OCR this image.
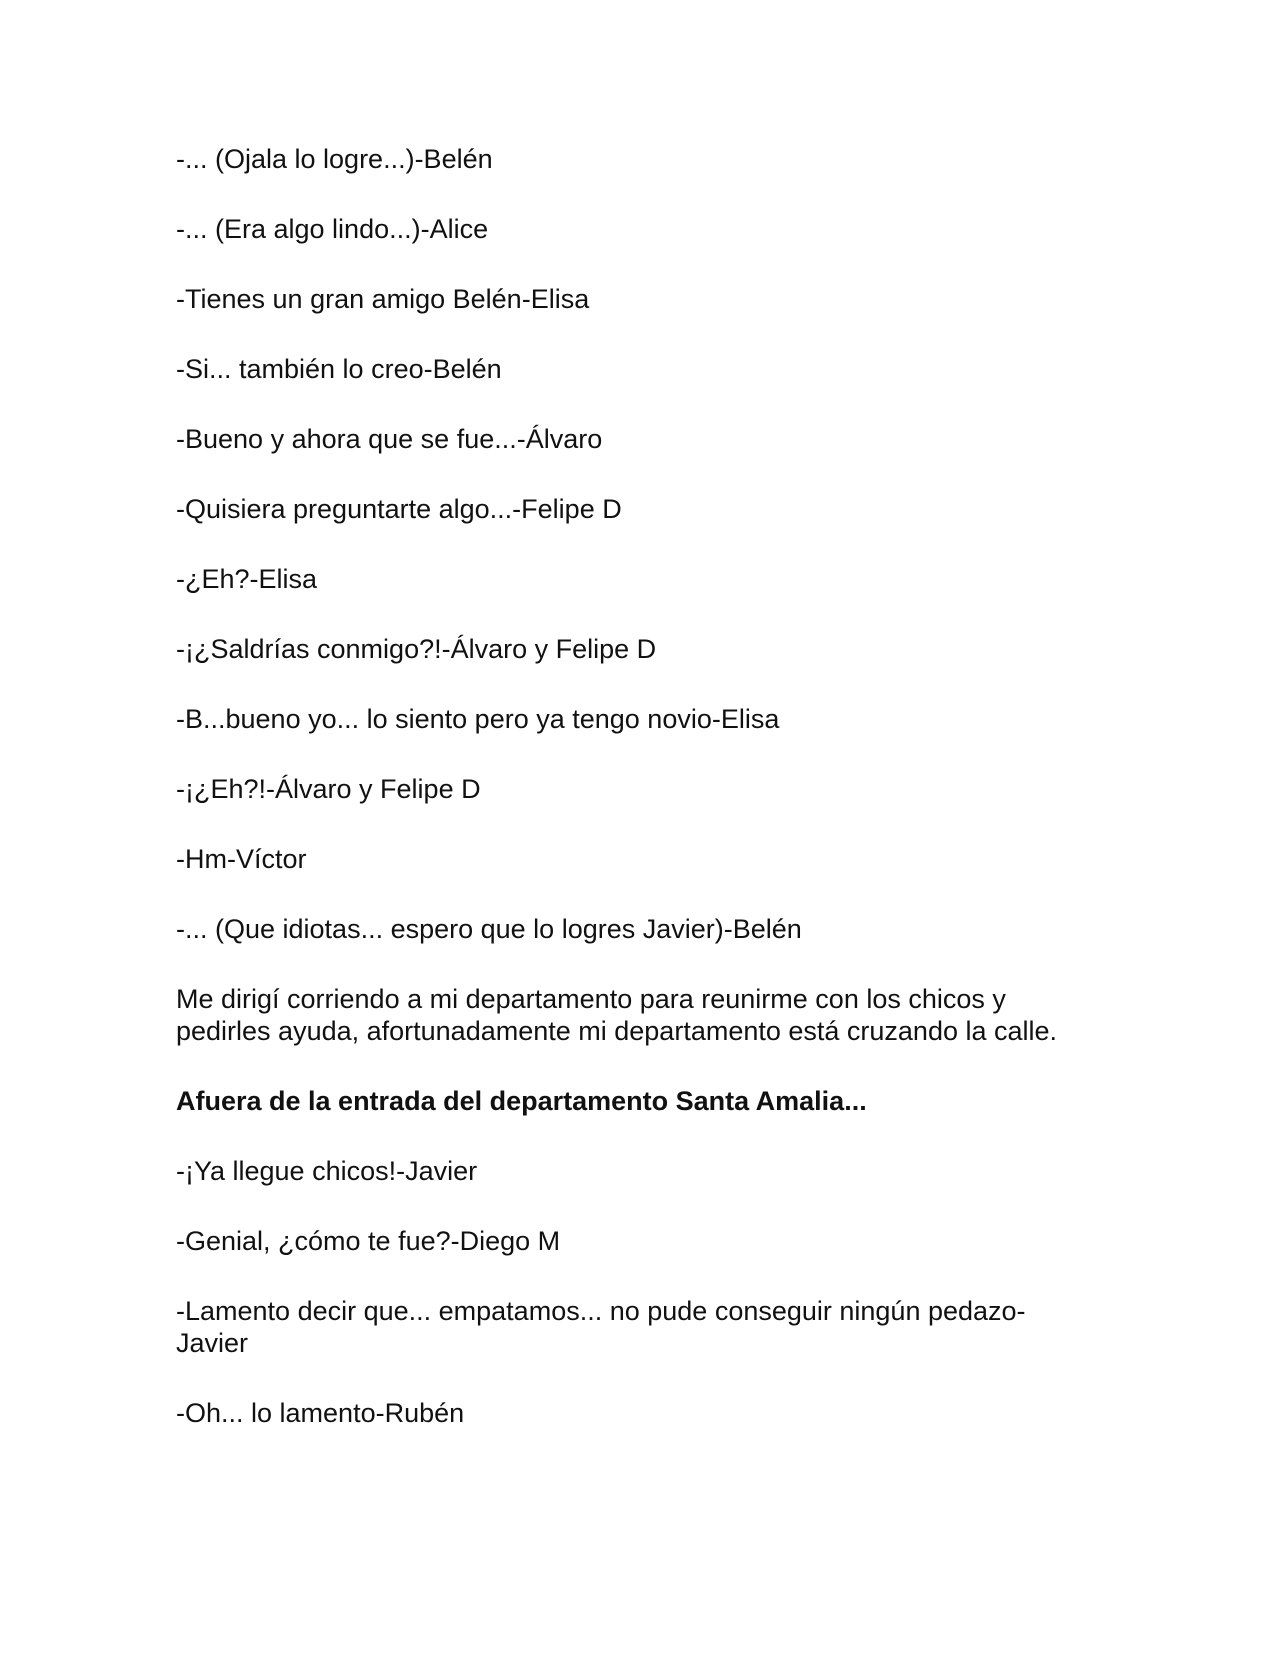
-... (Ojala lo logre...)-Belén

-... (Era algo lindo...)-Alice

-Tienes un gran amigo Belén-Elisa

-Si... también lo creo-Belén

-Bueno y ahora que se fue...-Álvaro

-Quisiera preguntarte algo...-Felipe D

-¿Eh?-Elisa

-¡¿Saldrías conmigo?!-Álvaro y Felipe D

-B...bueno yo... lo siento pero ya tengo novio-Elisa

-¡¿Eh?!-Álvaro y Felipe D

-Hm-Víctor

-... (Que idiotas... espero que lo logres Javier)-Belén

Me dirigí corriendo a mi departamento para reunirme con los chicos y
pedirles ayuda, afortunadamente mi departamento está cruzando la calle.

Afuera de la entrada del departamento Santa Amalia...

-¡Ya llegue chicos!-Javier

-Genial, ¿cómo te fue?-Diego M

-Lamento decir que... empatamos... no pude conseguir ningún pedazo-
Javier

-Oh... lo lamento-Rubén
